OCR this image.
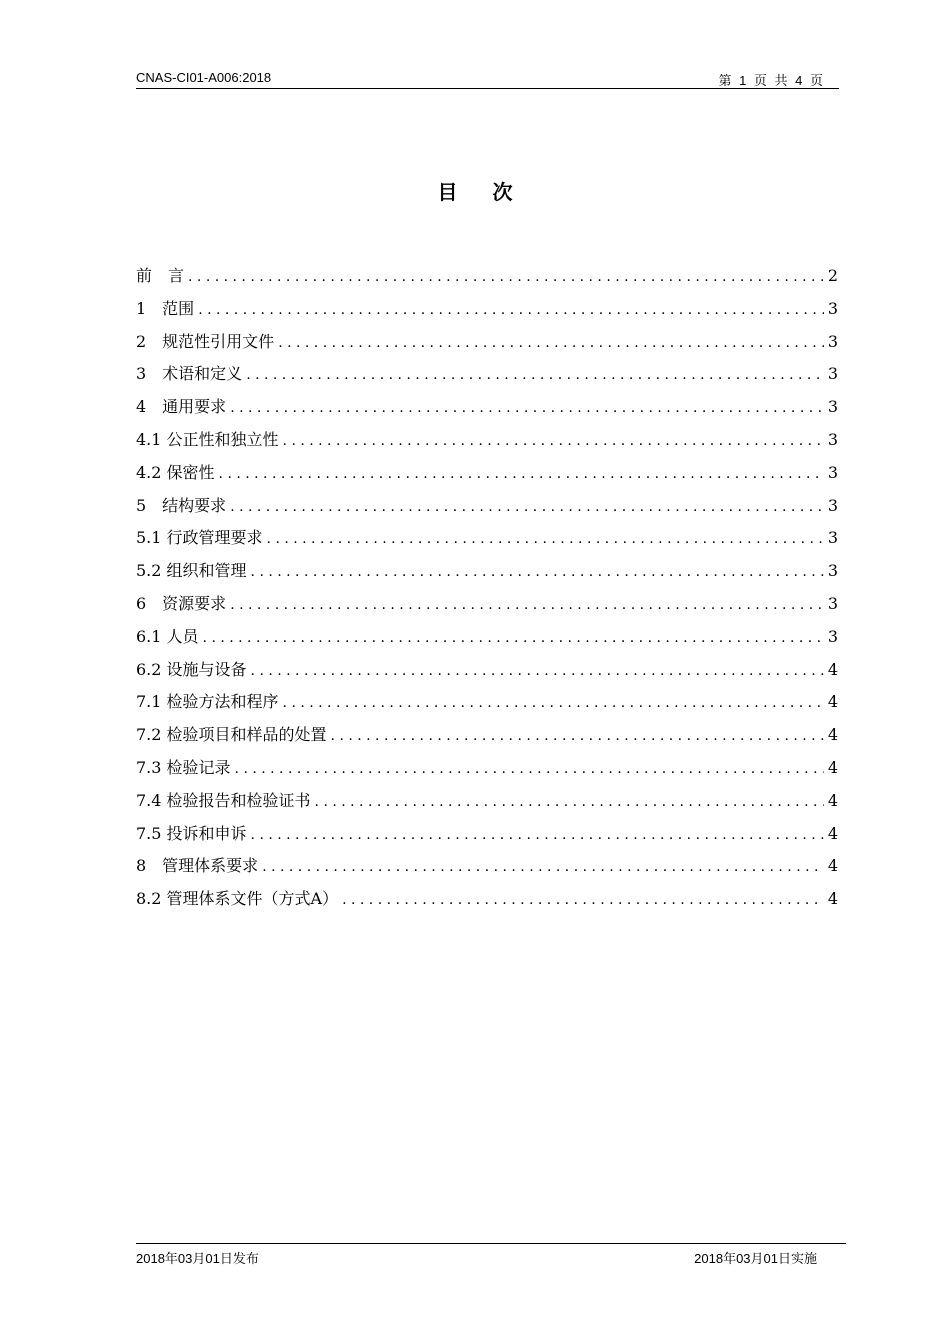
CNAS-CI01-A006:2018	第 1 页 共 4 页
目 次
前　言 . . .	2
1　范围 . . .	3
2　规范性引用文件 . . .	3
3　术语和定义 . . .	3
4　通用要求 . . .	3
4.1 公正性和独立性 . . .	3
4.2 保密性 . . .	3
5　结构要求 . . .	3
5.1 行政管理要求 . . .	3
5.2 组织和管理 . . .	3
6　资源要求 . . .	3
6.1 人员 . . .	3
6.2 设施与设备 . . .	4
7.1 检验方法和程序 . . .	4
7.2 检验项目和样品的处置 . . .	4
7.3 检验记录 . . .	4
7.4 检验报告和检验证书 . . .	4
7.5 投诉和申诉 . . .	4
8　管理体系要求 . . .	4
8.2 管理体系文件（方式A） . . .	4
2018年03月01日发布	2018年03月01日实施
